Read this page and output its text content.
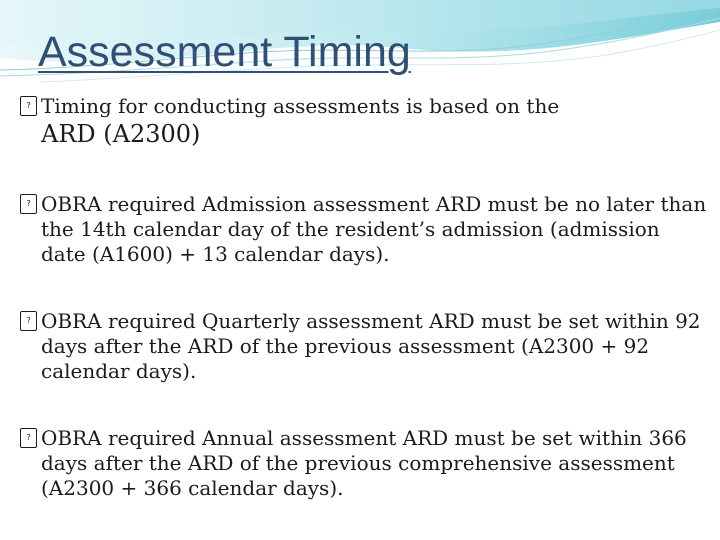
Assessment Timing
? Timing for conducting assessments is based on the
ARD (A2300)
? OBRA required Admission assessment ARD must be no later than the 14th calendar day of the resident’s admission (admission date (A1600) + 13 calendar days).
? OBRA required Quarterly assessment ARD must be set within 92 days after the ARD of the previous assessment (A2300 + 92 calendar days).
? OBRA required Annual assessment ARD must be set within 366 days after the ARD of the previous comprehensive assessment (A2300 + 366 calendar days).
